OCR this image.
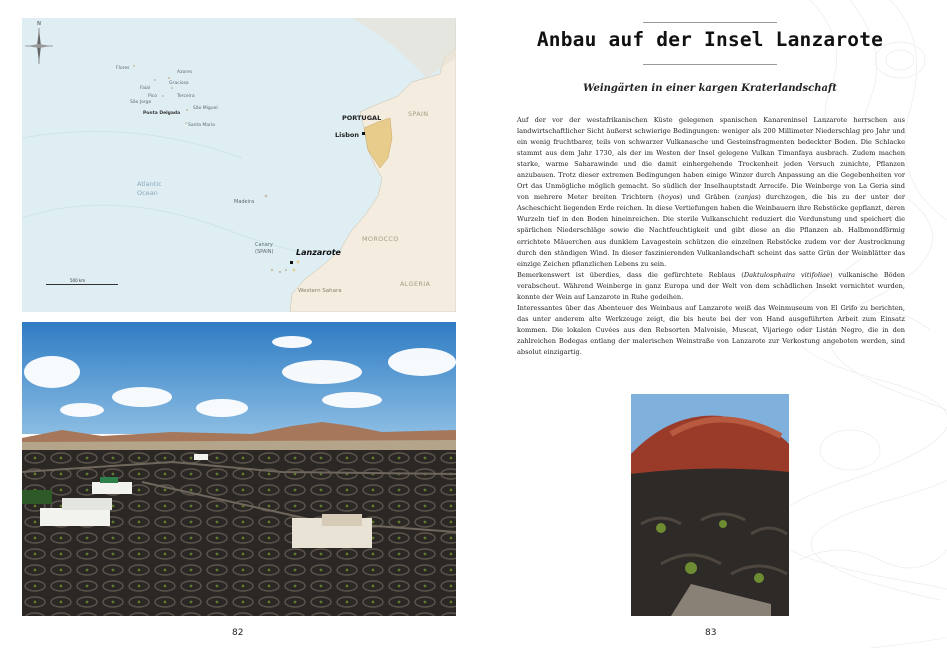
Flores
Azores
Graciosa
Faial
Terceira
Pico
São Jorge
São Miguel
Ponta Delgada
Santa Maria
Atlantic
Ocean
Madeira
PORTUGAL
Lisbon
SPAIN
MOROCCO
ALGERIA
Western Sahara
Canary
(SPAIN)	Lanzarote
N
500 km
82
Anbau auf der Insel Lanzarote
Weingärten in einer kargen Kraterlandschaft

Auf der vor der westafrikanischen Küste gelegenen spanischen Kanareninsel Lanzarote herrschen aus landwirtschaftlicher Sicht äußerst schwierige Bedingungen: weniger als 200 Millimeter Niederschlag pro Jahr und ein wenig fruchtbarer, teils von schwarzer Vulkanasche und Gesteinsfragmenten bedeckter Boden. Die Schlacke stammt aus dem Jahr 1730, als der im Westen der Insel gelegene Vulkan Timanfaya ausbrach. Zudem machen starke, warme Saharawinde und die damit einhergehende Trockenheit jeden Versuch zunichte, Pflanzen anzubauen. Trotz dieser extremen Bedingungen haben einige Winzer durch Anpassung an die Gegebenheiten vor Ort das Unmögliche möglich gemacht. So südlich der Inselhauptstadt Arrecife. Die Weinberge von La Geria sind von mehrere Meter breiten Trichtern (hoyos) und Gräben (zanjas) durchzogen, die bis zu der unter der Ascheschicht liegenden Erde reichen. In diese Vertiefungen haben die Weinbauern ihre Rebstöcke gepflanzt, deren Wurzeln tief in den Boden hineinreichen. Die sterile Vulkanschicht reduziert die Verdunstung und speichert die spärlichen Niederschläge sowie die Nachtfeuchtigkeit und gibt diese an die Pflanzen ab. Halbmondförmig errichtete Mäuerchen aus dunklem Lavagestein schützen die einzelnen Rebstöcke zudem vor der Austrocknung durch den ständigen Wind. In dieser faszinierenden Vulkanlandschaft scheint das satte Grün der Weinblätter das einzige Zeichen pflanzlichen Lebens zu sein.

Bemerkenswert ist überdies, dass die gefürchtete Reblaus (Daktulosphaira vitifoliae) vulkanische Böden verabscheut. Während Weinberge in ganz Europa und der Welt von dem schädlichen Insekt vernichtet wurden, konnte der Wein auf Lanzarote in Ruhe gedeihen.

Interessantes über das Abenteuer des Weinbaus auf Lanzarote weiß das Weinmuseum von El Grifo zu berichten, das unter anderem alte Werkzeuge zeigt, die bis heute bei der von Hand ausgeführten Arbeit zum Einsatz kommen. Die lokalen Cuvées aus den Rebsorten Malvoisie, Muscat, Vijariego oder Listán Negro, die in den zahlreichen Bodegas entlang der malerischen Weinstraße von Lanzarote zur Verkostung angeboten werden, sind absolut einzigartig.

83
